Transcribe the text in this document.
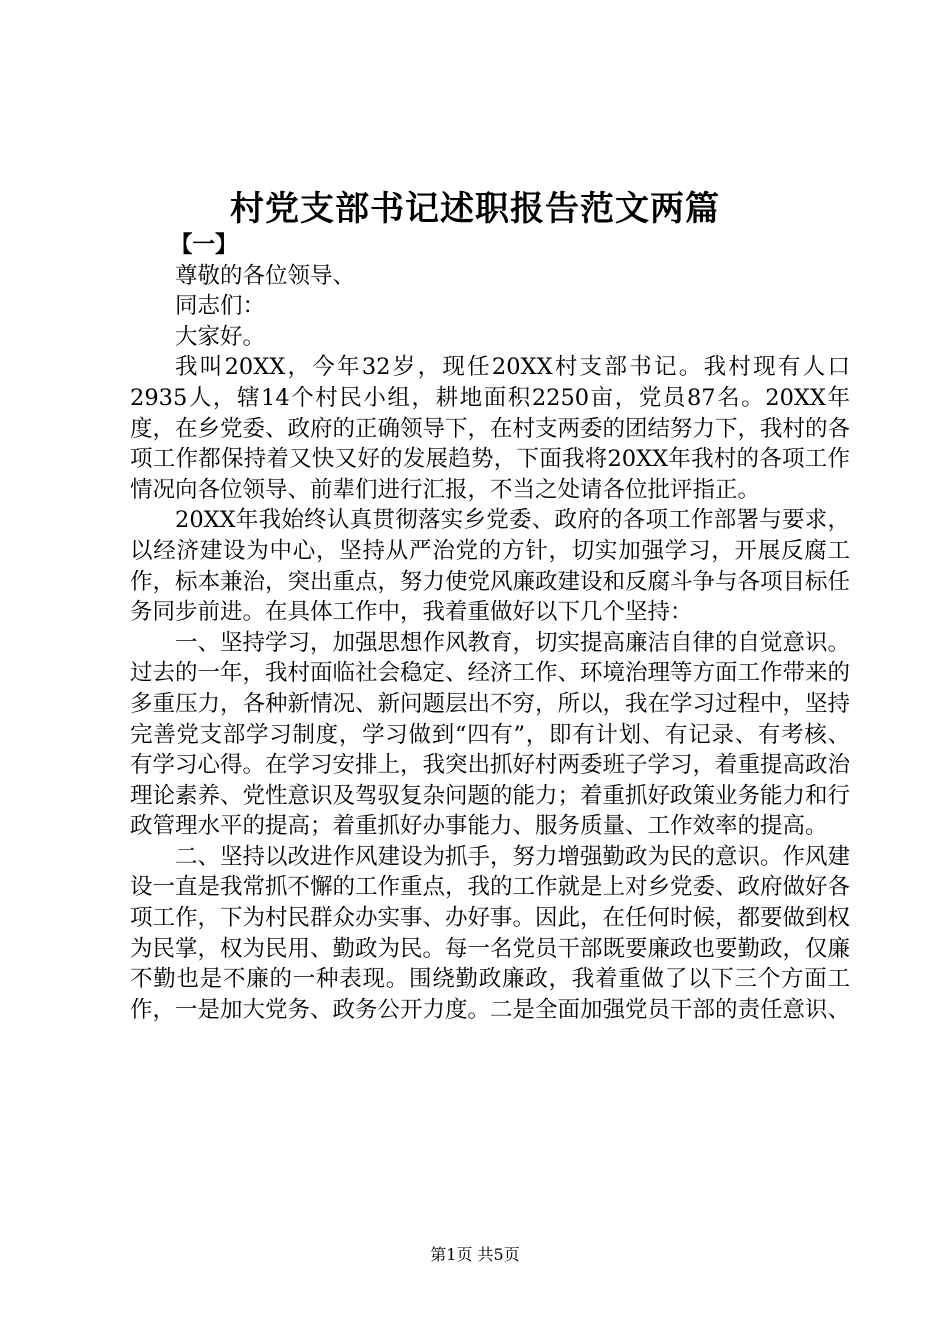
村党支部书记述职报告范文两篇

【一】

尊敬的各位领导、

同志们：

大家好。

我叫20XX，今年32岁，现任20XX村支部书记。我村现有人口2935人，辖14个村民小组，耕地面积2250亩，党员87名。20XX年度，在乡党委、政府的正确领导下，在村支两委的团结努力下，我村的各项工作都保持着又快又好的发展趋势，下面我将20XX年我村的各项工作情况向各位领导、前辈们进行汇报，不当之处请各位批评指正。

20XX年我始终认真贯彻落实乡党委、政府的各项工作部署与要求，以经济建设为中心，坚持从严治党的方针，切实加强学习，开展反腐工作，标本兼治，突出重点，努力使党风廉政建设和反腐斗争与各项目标任务同步前进。在具体工作中，我着重做好以下几个坚持：

一、坚持学习，加强思想作风教育，切实提高廉洁自律的自觉意识。过去的一年，我村面临社会稳定、经济工作、环境治理等方面工作带来的多重压力，各种新情况、新问题层出不穷，所以，我在学习过程中，坚持完善党支部学习制度，学习做到“四有”，即有计划、有记录、有考核、有学习心得。在学习安排上，我突出抓好村两委班子学习，着重提高政治理论素养、党性意识及驾驭复杂问题的能力；着重抓好政策业务能力和行政管理水平的提高；着重抓好办事能力、服务质量、工作效率的提高。

二、坚持以改进作风建设为抓手，努力增强勤政为民的意识。作风建设一直是我常抓不懈的工作重点，我的工作就是上对乡党委、政府做好各项工作，下为村民群众办实事、办好事。因此，在任何时候，都要做到权为民掌，权为民用、勤政为民。每一名党员干部既要廉政也要勤政，仅廉不勤也是不廉的一种表现。围绕勤政廉政，我着重做了以下三个方面工作，一是加大党务、政务公开力度。二是全面加强党员干部的责任意识、

第1页 共5页
